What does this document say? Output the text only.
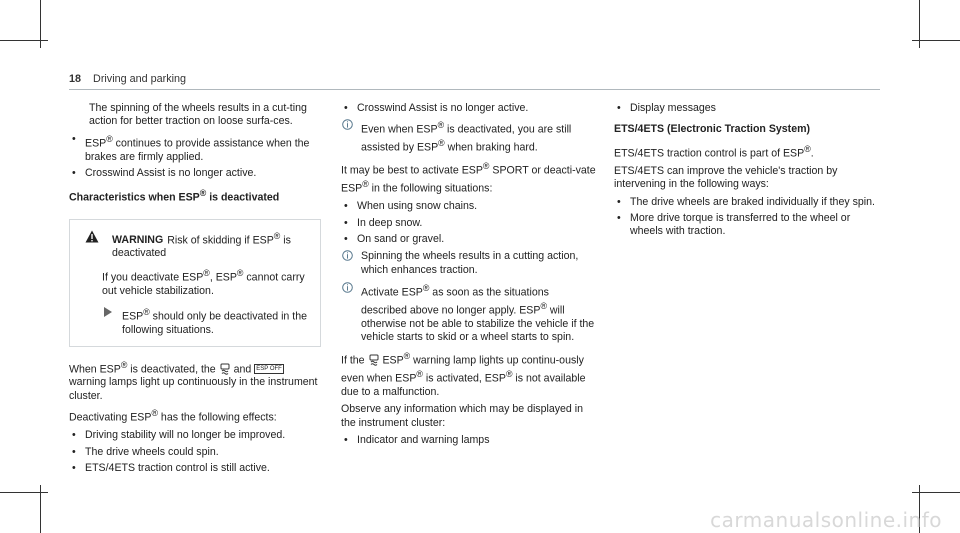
18 Driving and parking

The spinning of the wheels results in a cut-ting action for better traction on loose surfa-ces.

• ESP® continues to provide assistance when the brakes are firmly applied.
• Crosswind Assist is no longer active.
Characteristics when ESP® is deactivated
WARNING Risk of skidding if ESP® is deactivated
If you deactivate ESP®, ESP® cannot carry out vehicle stabilization.
ESP® should only be deactivated in the following situations.

When ESP® is deactivated, the and ESP OFF warning lamps light up continuously in the instrument cluster.

Deactivating ESP® has the following effects:

• Driving stability will no longer be improved.
• The drive wheels could spin.
• ETS/4ETS traction control is still active.
• Crosswind Assist is no longer active.
Even when ESP® is deactivated, you are still assisted by ESP® when braking hard.

It may be best to activate ESP® SPORT or deacti-vate ESP® in the following situations:

• When using snow chains.
• In deep snow.
• On sand or gravel.
Spinning the wheels results in a cutting action, which enhances traction.
Activate ESP® as soon as the situations described above no longer apply. ESP® will otherwise not be able to stabilize the vehicle if the vehicle starts to skid or a wheel starts to spin.

If the ESP® warning lamp lights up continu-ously even when ESP® is activated, ESP® is not available due to a malfunction.

Observe any information which may be displayed in the instrument cluster:

• Indicator and warning lamps
• Display messages
ETS/4ETS (Electronic Traction System)

ETS/4ETS traction control is part of ESP®.

ETS/4ETS can improve the vehicle's traction by intervening in the following ways:

• The drive wheels are braked individually if they spin.
• More drive torque is transferred to the wheel or wheels with traction.
carmanualsonline.info
